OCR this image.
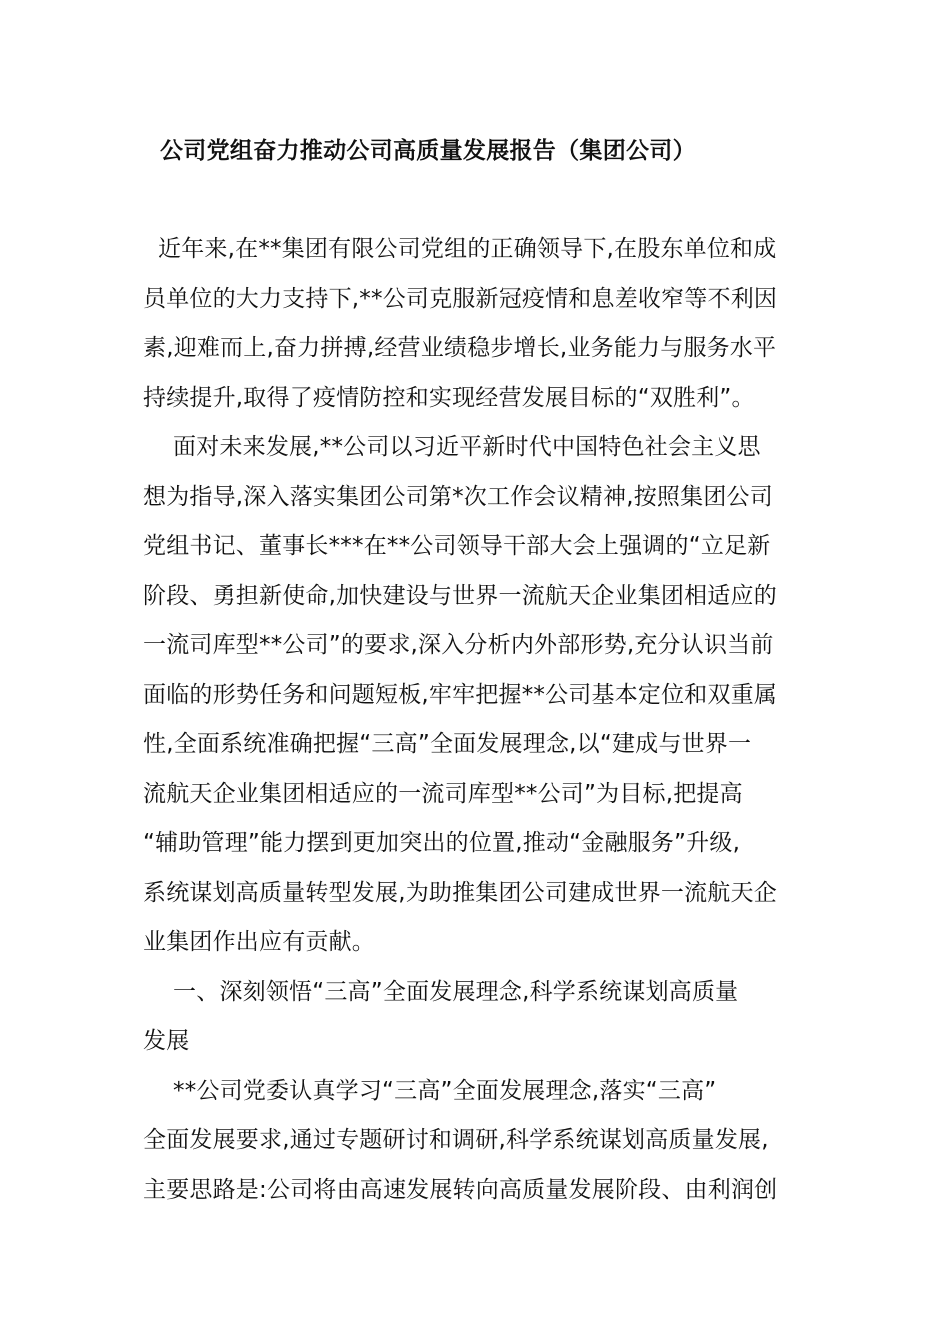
公司党组奋力推动公司高质量发展报告（集团公司）
近年来,在**集团有限公司党组的正确领导下,在股东单位和成
员单位的大力支持下,**公司克服新冠疫情和息差收窄等不利因
素,迎难而上,奋力拼搏,经营业绩稳步增长,业务能力与服务水平
持续提升,取得了疫情防控和实现经营发展目标的“双胜利”。
面对未来发展,**公司以习近平新时代中国特色社会主义思
想为指导,深入落实集团公司第*次工作会议精神,按照集团公司
党组书记、董事长***在**公司领导干部大会上强调的“立足新
阶段、勇担新使命,加快建设与世界一流航天企业集团相适应的
一流司库型**公司”的要求,深入分析内外部形势,充分认识当前
面临的形势任务和问题短板,牢牢把握**公司基本定位和双重属
性,全面系统准确把握“三高”全面发展理念,以“建成与世界一
流航天企业集团相适应的一流司库型**公司”为目标,把提高
“辅助管理”能力摆到更加突出的位置,推动“金融服务”升级,
系统谋划高质量转型发展,为助推集团公司建成世界一流航天企
业集团作出应有贡献。
一、深刻领悟“三高”全面发展理念,科学系统谋划高质量
发展
**公司党委认真学习“三高”全面发展理念,落实“三高”
全面发展要求,通过专题研讨和调研,科学系统谋划高质量发展,
主要思路是:公司将由高速发展转向高质量发展阶段、由利润创
